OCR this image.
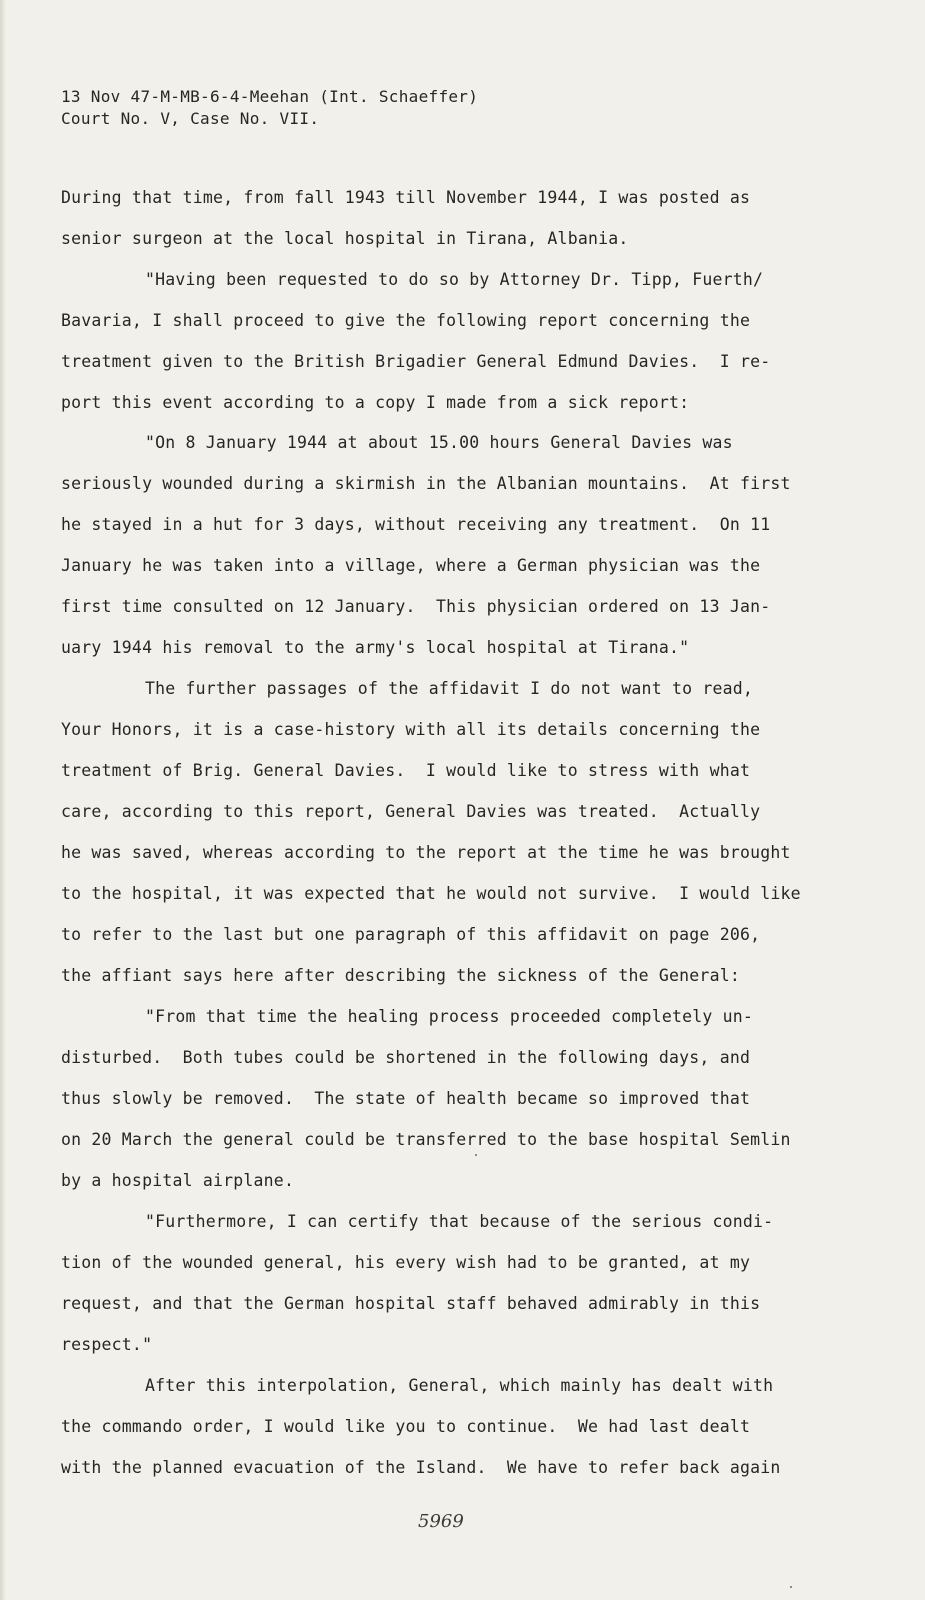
13 Nov 47-M-MB-6-4-Meehan (Int. Schaeffer)
Court No. V, Case No. VII.
During that time, from fall 1943 till November 1944, I was posted as
senior surgeon at the local hospital in Tirana, Albania.
"Having been requested to do so by Attorney Dr. Tipp, Fuerth/
Bavaria, I shall proceed to give the following report concerning the
treatment given to the British Brigadier General Edmund Davies.  I re-
port this event according to a copy I made from a sick report:
"On 8 January 1944 at about 15.00 hours General Davies was
seriously wounded during a skirmish in the Albanian mountains.  At first
he stayed in a hut for 3 days, without receiving any treatment.  On 11
January he was taken into a village, where a German physician was the
first time consulted on 12 January.  This physician ordered on 13 Jan-
uary 1944 his removal to the army's local hospital at Tirana."
The further passages of the affidavit I do not want to read,
Your Honors, it is a case-history with all its details concerning the
treatment of Brig. General Davies.  I would like to stress with what
care, according to this report, General Davies was treated.  Actually
he was saved, whereas according to the report at the time he was brought
to the hospital, it was expected that he would not survive.  I would like
to refer to the last but one paragraph of this affidavit on page 206,
the affiant says here after describing the sickness of the General:
"From that time the healing process proceeded completely un-
disturbed.  Both tubes could be shortened in the following days, and
thus slowly be removed.  The state of health became so improved that
on 20 March the general could be transferred to the base hospital Semlin
by a hospital airplane.
"Furthermore, I can certify that because of the serious condi-
tion of the wounded general, his every wish had to be granted, at my
request, and that the German hospital staff behaved admirably in this
respect."
After this interpolation, General, which mainly has dealt with
the commando order, I would like you to continue.  We had last dealt
with the planned evacuation of the Island.  We have to refer back again
5969
